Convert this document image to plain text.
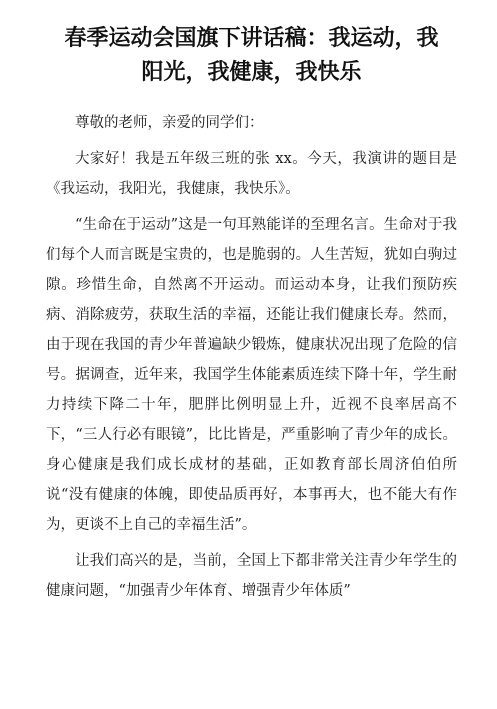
春季运动会国旗下讲话稿：我运动，我
阳光，我健康，我快乐

尊敬的老师，亲爱的同学们：

大家好！我是五年级三班的张 xx。今天，我演讲的题目是《我运动，我阳光，我健康，我快乐》。

“生命在于运动”这是一句耳熟能详的至理名言。生命对于我们每个人而言既是宝贵的，也是脆弱的。人生苦短，犹如白驹过隙。珍惜生命，自然离不开运动。而运动本身，让我们预防疾病、消除疲劳，获取生活的幸福，还能让我们健康长寿。然而，由于现在我国的青少年普遍缺少锻炼，健康状况出现了危险的信号。据调查，近年来，我国学生体能素质连续下降十年，学生耐力持续下降二十年，肥胖比例明显上升，近视不良率居高不下，“三人行必有眼镜”，比比皆是，严重影响了青少年的成长。身心健康是我们成长成材的基础，正如教育部长周济伯伯所说“没有健康的体魄，即使品质再好，本事再大，也不能大有作为，更谈不上自己的幸福生活”。

让我们高兴的是，当前，全国上下都非常关注青少年学生的健康问题，“加强青少年体育、增强青少年体质”
